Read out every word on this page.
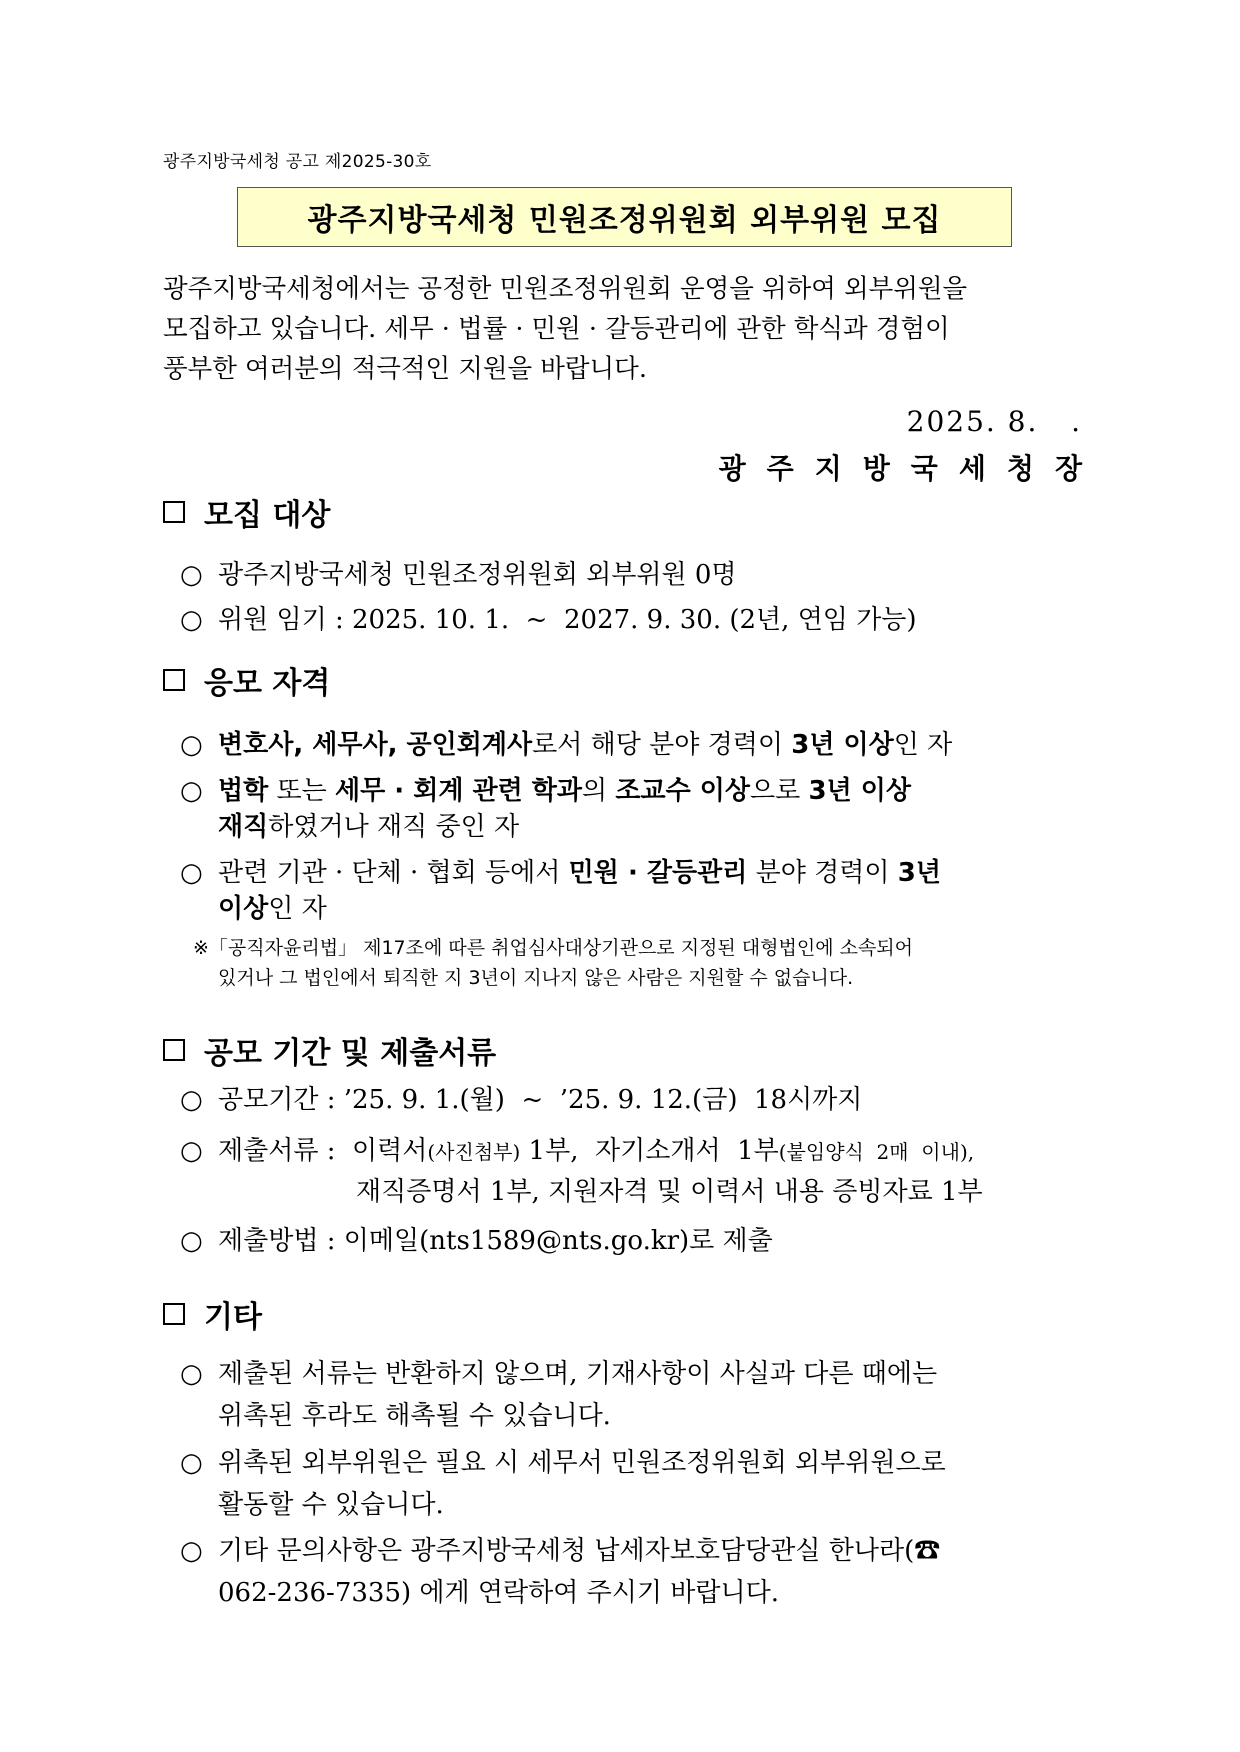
광주지방국세청 공고 제2025-30호
광주지방국세청 민원조정위원회 외부위원 모집
광주지방국세청에서는 공정한 민원조정위원회 운영을 위하여 외부위원을
모집하고 있습니다. 세무 · 법률 · 민원 · 갈등관리에 관한 학식과 경험이
풍부한 여러분의 적극적인 지원을 바랍니다.
2025. 8.   .
광주지방국세청장
모집 대상
○ 광주지방국세청 민원조정위원회 외부위원 0명
○ 위원 임기 : 2025. 10. 1.  ~  2027. 9. 30. (2년, 연임 가능)
응모 자격
○ 변호사, 세무사, 공인회계사로서 해당 분야 경력이 3년 이상인 자
○ 법학 또는 세무 · 회계 관련 학과의 조교수 이상으로 3년 이상
재직하였거나 재직 중인 자
○ 관련 기관 · 단체 · 협회 등에서 민원 · 갈등관리 분야 경력이 3년
이상인 자
※「공직자윤리법」 제17조에 따른 취업심사대상기관으로 지정된 대형법인에 소속되어
있거나 그 법인에서 퇴직한 지 3년이 지나지 않은 사람은 지원할 수 없습니다.
공모 기간 및 제출서류
○ 공모기간 : ’25. 9. 1.(월)  ~  ’25. 9. 12.(금)  18시까지
○ 제출서류 :  이력서(사진첨부) 1부,  자기소개서  1부(붙임양식  2매  이내),
재직증명서 1부, 지원자격 및 이력서 내용 증빙자료 1부
○ 제출방법 : 이메일(nts1589@nts.go.kr)로 제출
기타
○ 제출된 서류는 반환하지 않으며, 기재사항이 사실과 다른 때에는
위촉된 후라도 해촉될 수 있습니다.
○ 위촉된 외부위원은 필요 시 세무서 민원조정위원회 외부위원으로
활동할 수 있습니다.
○ 기타 문의사항은 광주지방국세청 납세자보호담당관실 한나라(☎
062-236-7335) 에게 연락하여 주시기 바랍니다.
